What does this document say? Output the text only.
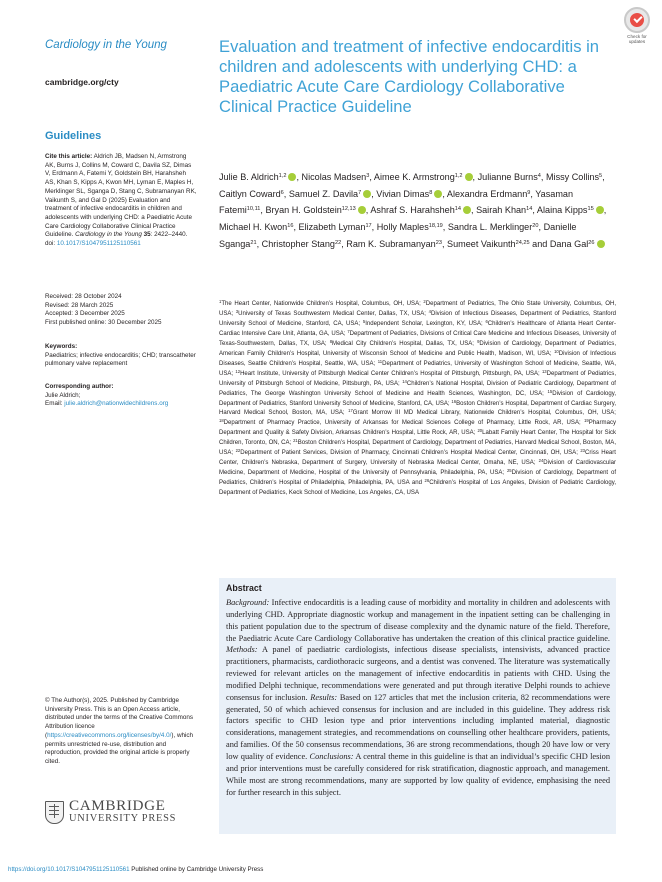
Check for updates
Cardiology in the Young
cambridge.org/cty
Guidelines
Cite this article: Aldrich JB, Madsen N, Armstrong AK, Burns J, Collins M, Coward C, Davila SZ, Dimas V, Erdmann A, Fatemi Y, Goldstein BH, Harahsheh AS, Khan S, Kipps A, Kwon MH, Lyman E, Maples H, Merklinger SL, Sganga D, Stang C, Subramanyan RK, Vaikunth S, and Gal D (2025) Evaluation and treatment of infective endocarditis in children and adolescents with underlying CHD: a Paediatric Acute Care Cardiology Collaborative Clinical Practice Guideline. Cardiology in the Young 35: 2422–2440. doi: 10.1017/S1047951125110561
Received: 28 October 2024
Revised: 28 March 2025
Accepted: 3 December 2025
First published online: 30 December 2025
Keywords:
Paediatrics; infective endocarditis; CHD; transcatheter pulmonary valve replacement
Corresponding author:
Julie Aldrich;
Email: julie.aldrich@nationwidechildrens.org
© The Author(s), 2025. Published by Cambridge University Press. This is an Open Access article, distributed under the terms of the Creative Commons Attribution licence (https://creativecommons.org/licenses/by/4.0/), which permits unrestricted re-use, distribution and reproduction, provided the original article is properly cited.
CAMBRIDGE
UNIVERSITY PRESS
Evaluation and treatment of infective endocarditis in children and adolescents with underlying CHD: a Paediatric Acute Care Cardiology Collaborative Clinical Practice Guideline
Julie B. Aldrich$^{1,2}$ , Nicolas Madsen$^3$, Aimee K. Armstrong$^{1,2}$ , Julianne Burns$^4$, Missy Collins$^5$, Caitlyn Coward$^6$, Samuel Z. Davila$^7$ , Vivian Dimas$^8$ , Alexandra Erdmann$^9$, Yasaman Fatemi$^{10,11}$, Bryan H. Goldstein$^{12,13}$ , Ashraf S. Harahsheh$^{14}$ , Sairah Khan$^{14}$, Alaina Kipps$^{15}$ , Michael H. Kwon$^{16}$, Elizabeth Lyman$^{17}$, Holly Maples$^{18,19}$, Sandra L. Merklinger$^{20}$, Danielle Sganga$^{21}$, Christopher Stang$^{22}$, Ram K. Subramanyan$^{23}$, Sumeet Vaikunth$^{24,25}$ and Dana Gal$^{26}$
$^1$The Heart Center, Nationwide Children’s Hospital, Columbus, OH, USA; $^2$Department of Pediatrics, The Ohio State University, Columbus, OH, USA; $^3$University of Texas Southwestern Medical Center, Dallas, TX, USA; $^4$Division of Infectious Diseases, Department of Pediatrics, Stanford University School of Medicine, Stanford, CA, USA; $^5$Independent Scholar, Lexington, KY, USA; $^6$Children’s Healthcare of Atlanta Heart Center-Cardiac Intensive Care Unit, Atlanta, GA, USA; $^7$Department of Pediatrics, Divisions of Critical Care Medicine and Infectious Diseases, University of Texas-Southwestern, Dallas, TX, USA; $^8$Medical City Children’s Hospital, Dallas, TX, USA; $^9$Division of Cardiology, Department of Pediatrics, American Family Children’s Hospital, University of Wisconsin School of Medicine and Public Health, Madison, WI, USA; $^{10}$Division of Infectious Diseases, Seattle Children’s Hospital, Seattle, WA, USA; $^{11}$Department of Pediatrics, University of Washington School of Medicine, Seattle, WA, USA; $^{12}$Heart Institute, University of Pittsburgh Medical Center Children’s Hospital of Pittsburgh, Pittsburgh, PA, USA; $^{13}$Department of Pediatrics, University of Pittsburgh School of Medicine, Pittsburgh, PA, USA; $^{14}$Children’s National Hospital, Division of Pediatric Cardiology, Department of Pediatrics, The George Washington University School of Medicine and Health Sciences, Washington, DC, USA; $^{15}$Division of Cardiology, Department of Pediatrics, Stanford University School of Medicine, Stanford, CA, USA; $^{16}$Boston Children’s Hospital, Department of Cardiac Surgery, Harvard Medical School, Boston, MA, USA; $^{17}$Grant Morrow III MD Medical Library, Nationwide Children’s Hospital, Columbus, OH, USA; $^{18}$Department of Pharmacy Practice, University of Arkansas for Medical Sciences College of Pharmacy, Little Rock, AR, USA; $^{19}$Pharmacy Department and Quality & Safety Division, Arkansas Children’s Hospital, Little Rock, AR, USA; $^{20}$Labatt Family Heart Center, The Hospital for Sick Children, Toronto, ON, CA; $^{21}$Boston Children’s Hospital, Department of Cardiology, Department of Pediatrics, Harvard Medical School, Boston, MA, USA; $^{22}$Department of Patient Services, Division of Pharmacy, Cincinnati Children’s Hospital Medical Center, Cincinnati, OH, USA; $^{23}$Criss Heart Center, Children’s Nebraska, Department of Surgery, University of Nebraska Medical Center, Omaha, NE, USA; $^{24}$Division of Cardiovascular Medicine, Department of Medicine, Hospital of the University of Pennsylvania, Philadelphia, PA, USA; $^{25}$Division of Cardiology, Department of Pediatrics, Children’s Hospital of Philadelphia, Philadelphia, PA, USA and $^{26}$Children’s Hospital of Los Angeles, Division of Pediatric Cardiology, Department of Pediatrics, Keck School of Medicine, Los Angeles, CA, USA
Abstract
Background: Infective endocarditis is a leading cause of morbidity and mortality in children and adolescents with underlying CHD. Appropriate diagnostic workup and management in the inpatient setting can be challenging in this patient population due to the spectrum of disease complexity and the dynamic nature of the field. Therefore, the Paediatric Acute Care Cardiology Collaborative has undertaken the creation of this clinical practice guideline. Methods: A panel of paediatric cardiologists, infectious disease specialists, intensivists, advanced practice practitioners, pharmacists, cardiothoracic surgeons, and a dentist was convened. The literature was systematically reviewed for relevant articles on the management of infective endocarditis in patients with CHD. Using the modified Delphi technique, recommendations were generated and put through iterative Delphi rounds to achieve consensus for inclusion. Results: Based on 127 articles that met the inclusion criteria, 82 recommendations were generated, 50 of which achieved consensus for inclusion and are included in this guideline. They address risk factors specific to CHD lesion type and prior interventions including implanted material, diagnostic considerations, management strategies, and recommendations on counselling other healthcare providers, patients, and families. Of the 50 consensus recommendations, 36 are strong recommendations, though 20 have low or very low quality of evidence. Conclusions: A central theme in this guideline is that an individual’s specific CHD lesion and prior interventions must be carefully considered for risk stratification, diagnostic approach, and management. While most are strong recommendations, many are supported by low quality of evidence, emphasising the need for further research in this subject.
https://doi.org/10.1017/S1047951125110561 Published online by Cambridge University Press
